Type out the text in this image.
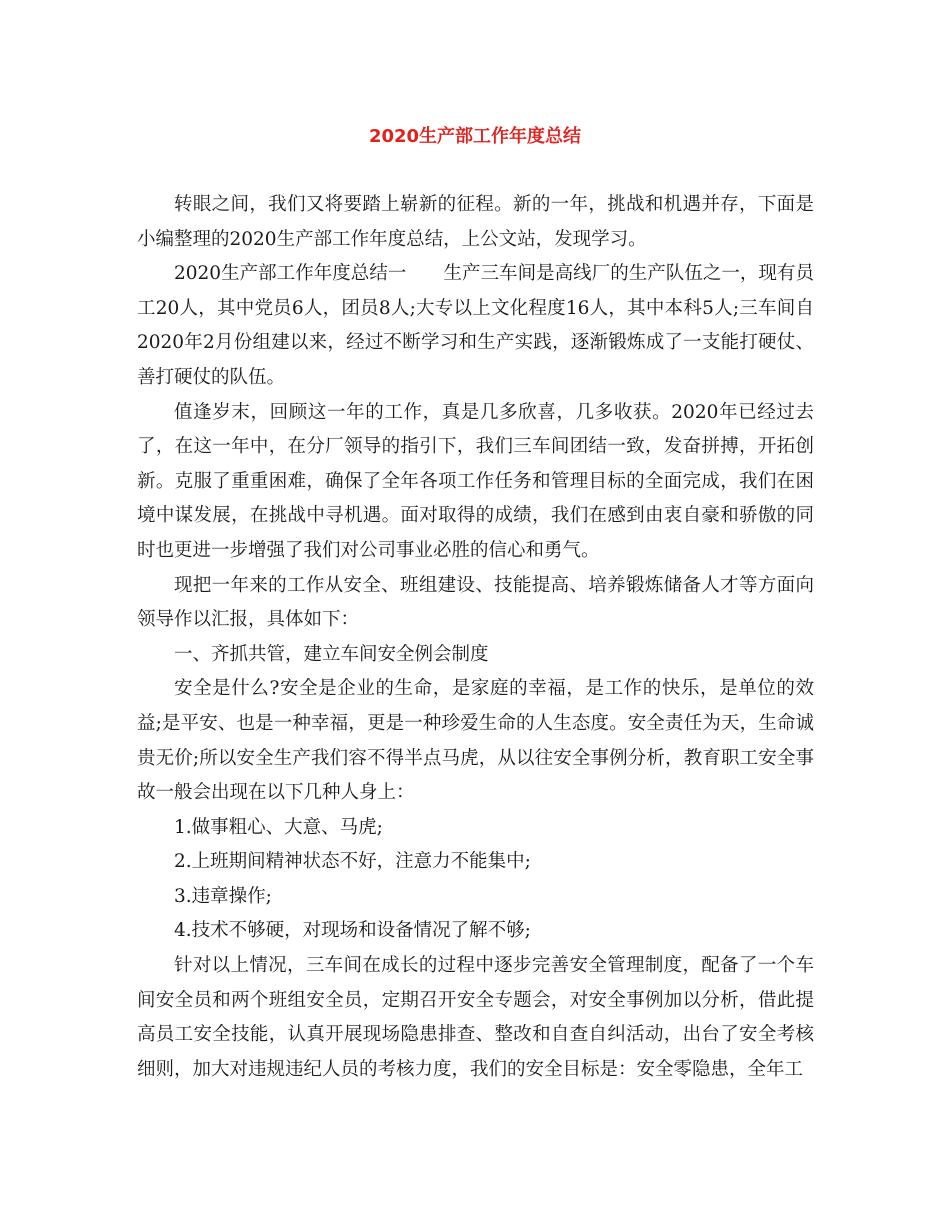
2020生产部工作年度总结

转眼之间，我们又将要踏上崭新的征程。新的一年，挑战和机遇并存，下面是小编整理的2020生产部工作年度总结，上公文站，发现学习。

2020生产部工作年度总结一　　生产三车间是高线厂的生产队伍之一，现有员工20人，其中党员6人，团员8人;大专以上文化程度16人，其中本科5人;三车间自2020年2月份组建以来，经过不断学习和生产实践，逐渐锻炼成了一支能打硬仗、善打硬仗的队伍。

值逢岁末，回顾这一年的工作，真是几多欣喜，几多收获。2020年已经过去了，在这一年中，在分厂领导的指引下，我们三车间团结一致，发奋拼搏，开拓创新。克服了重重困难，确保了全年各项工作任务和管理目标的全面完成，我们在困境中谋发展，在挑战中寻机遇。面对取得的成绩，我们在感到由衷自豪和骄傲的同时也更进一步增强了我们对公司事业必胜的信心和勇气。

现把一年来的工作从安全、班组建设、技能提高、培养锻炼储备人才等方面向领导作以汇报，具体如下：

一、齐抓共管，建立车间安全例会制度

安全是什么?安全是企业的生命，是家庭的幸福，是工作的快乐，是单位的效益;是平安、也是一种幸福，更是一种珍爱生命的人生态度。安全责任为天，生命诚贵无价;所以安全生产我们容不得半点马虎，从以往安全事例分析，教育职工安全事故一般会出现在以下几种人身上：

1.做事粗心、大意、马虎;

2.上班期间精神状态不好，注意力不能集中;

3.违章操作;

4.技术不够硬，对现场和设备情况了解不够;

针对以上情况，三车间在成长的过程中逐步完善安全管理制度，配备了一个车间安全员和两个班组安全员，定期召开安全专题会，对安全事例加以分析，借此提高员工安全技能，认真开展现场隐患排查、整改和自查自纠活动，出台了安全考核细则，加大对违规违纪人员的考核力度，我们的安全目标是：安全零隐患，全年工
